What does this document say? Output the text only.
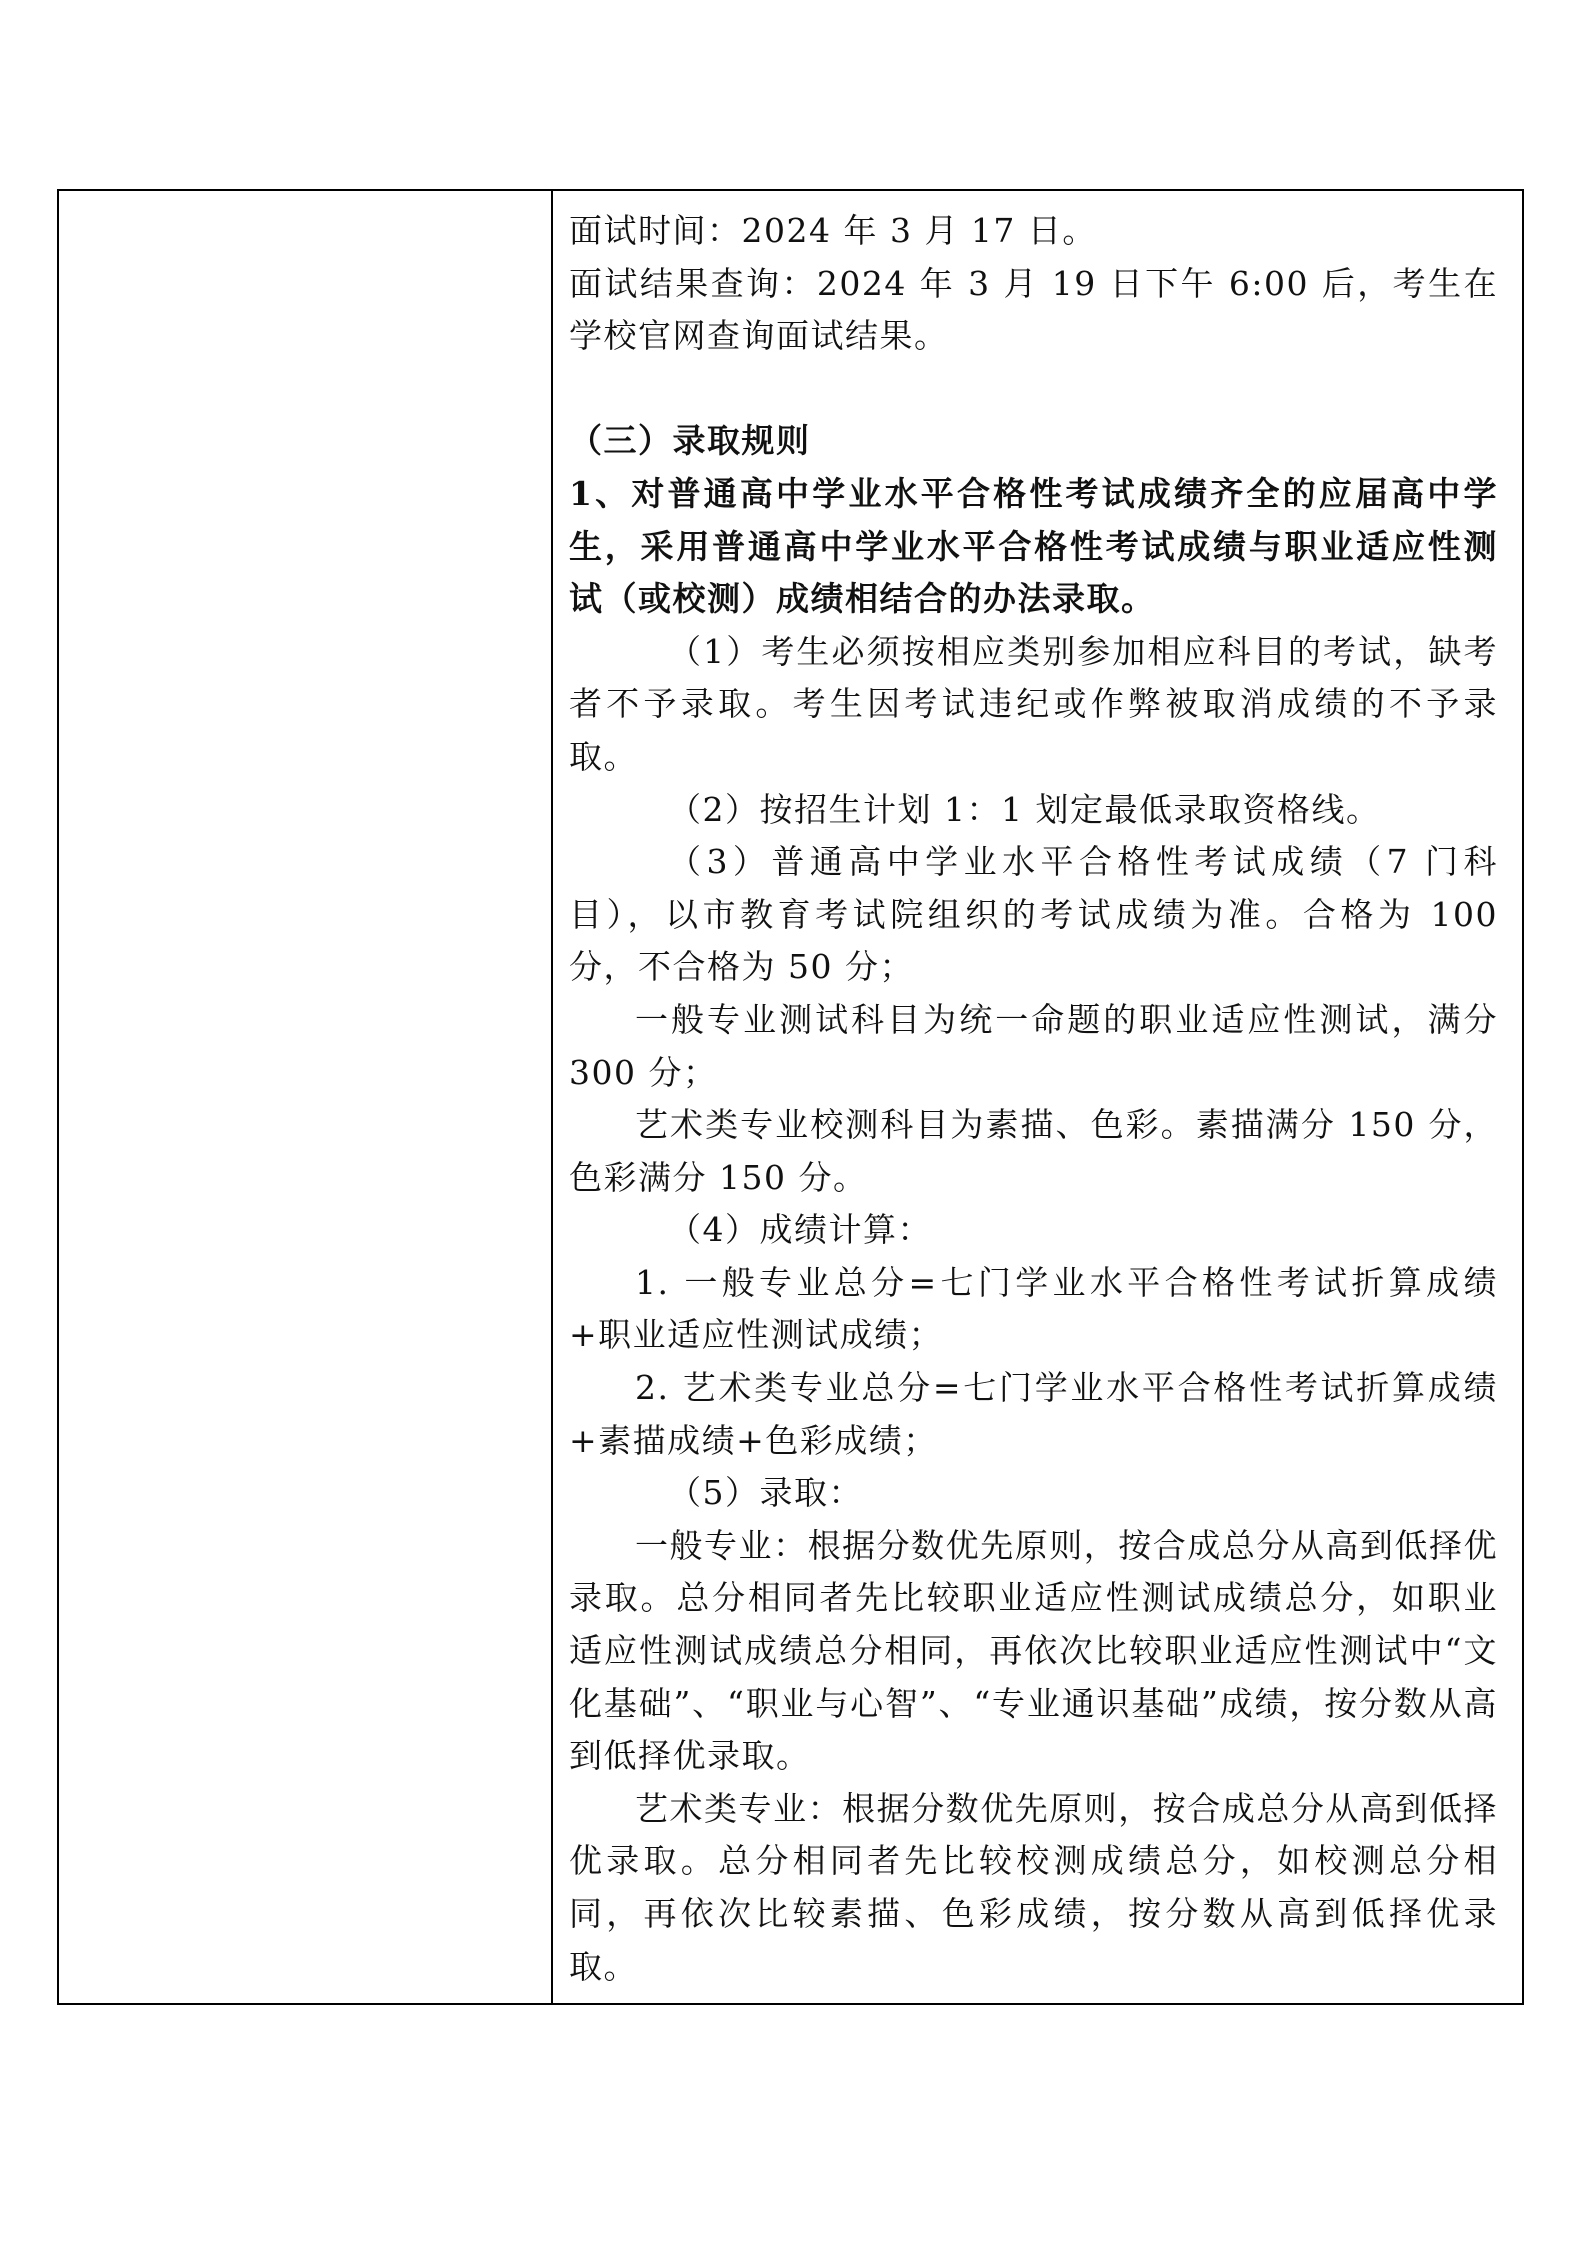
面试时间：2024 年 3 月 17 日。

面试结果查询：2024 年 3 月 19 日下午 6:00 后，考生在学校官网查询面试结果。

（三）录取规则

1、对普通高中学业水平合格性考试成绩齐全的应届高中学生，采用普通高中学业水平合格性考试成绩与职业适应性测试（或校测）成绩相结合的办法录取。

（1）考生必须按相应类别参加相应科目的考试，缺考者不予录取。考生因考试违纪或作弊被取消成绩的不予录取。

（2）按招生计划 1：1 划定最低录取资格线。

（3）普通高中学业水平合格性考试成绩（7 门科目），以市教育考试院组织的考试成绩为准。合格为 100 分，不合格为 50 分；

一般专业测试科目为统一命题的职业适应性测试，满分 300 分；

艺术类专业校测科目为素描、色彩。素描满分 150 分，色彩满分 150 分。

（4）成绩计算：

1. 一般专业总分=七门学业水平合格性考试折算成绩+职业适应性测试成绩；

2. 艺术类专业总分=七门学业水平合格性考试折算成绩+素描成绩+色彩成绩；

（5）录取：

一般专业：根据分数优先原则，按合成总分从高到低择优录取。总分相同者先比较职业适应性测试成绩总分，如职业适应性测试成绩总分相同，再依次比较职业适应性测试中“文化基础”、“职业与心智”、“专业通识基础”成绩，按分数从高到低择优录取。

艺术类专业：根据分数优先原则，按合成总分从高到低择优录取。总分相同者先比较校测成绩总分，如校测总分相同，再依次比较素描、色彩成绩，按分数从高到低择优录取。
